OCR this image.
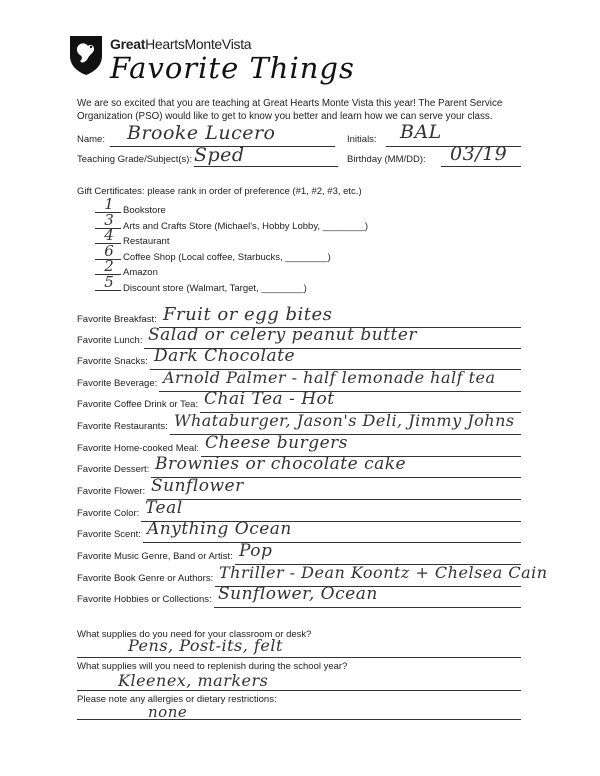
GreatHeartsMonteVista
Favorite Things
We are so excited that you are teaching at Great Hearts Monte Vista this year! The Parent Service
Organization (PSO) would like to get to know you better and learn how we can serve your class.
Name: Brooke Lucero	Initials: BAL
Teaching Grade/Subject(s): Sped	Birthday (MM/DD): 03/19
Gift Certificates: please rank in order of preference (#1, #2, #3, etc.)
1 Bookstore
3 Arts and Crafts Store (Michael's, Hobby Lobby, ________)
4 Restaurant
6 Coffee Shop (Local coffee, Starbucks, ________)
2 Amazon
5 Discount store (Walmart, Target, ________)
Favorite Breakfast: Fruit or egg bites
Favorite Lunch: Salad or celery peanut butter
Favorite Snacks: Dark Chocolate
Favorite Beverage: Arnold Palmer - half lemonade half tea
Favorite Coffee Drink or Tea: Chai Tea - Hot
Favorite Restaurants: Whataburger, Jason's Deli, Jimmy Johns
Favorite Home-cooked Meal: Cheese burgers
Favorite Dessert: Brownies or chocolate cake
Favorite Flower: Sunflower
Favorite Color: Teal
Favorite Scent: Anything Ocean
Favorite Music Genre, Band or Artist: Pop
Favorite Book Genre or Authors: Thriller - Dean Koontz + Chelsea Cain
Favorite Hobbies or Collections: Sunflower, Ocean
What supplies do you need for your classroom or desk?
Pens, Post-its, felt
What supplies will you need to replenish during the school year?
Kleenex, markers
Please note any allergies or dietary restrictions:
none
